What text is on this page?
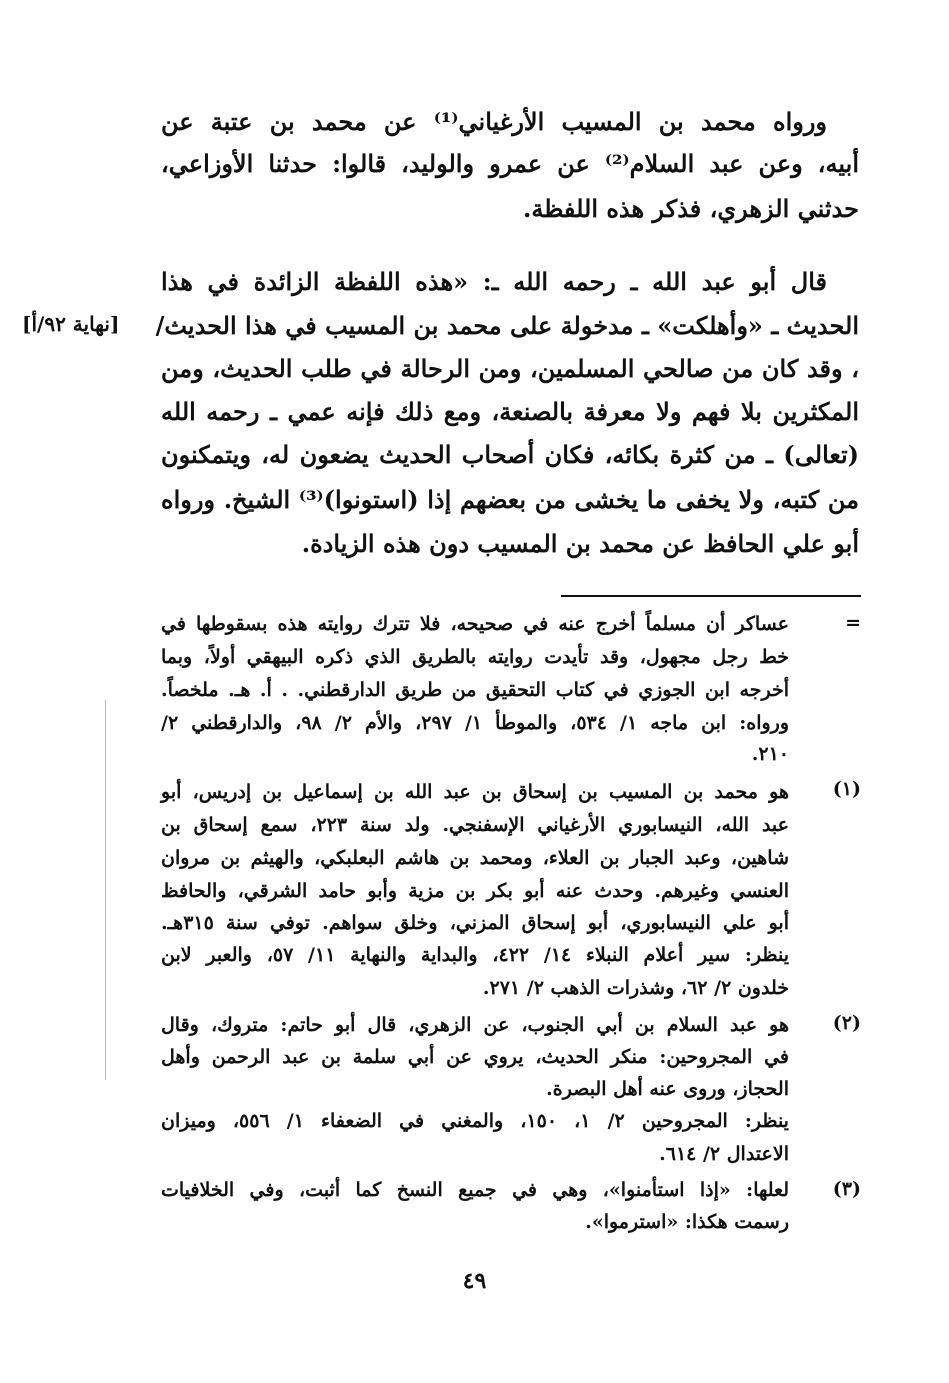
ورواه محمد بن المسيب الأرغياني⁽¹⁾ عن محمد بن عتبة عن
أبيه، وعن عبد السلام⁽²⁾ عن عمرو والوليد، قالوا: حدثنا الأوزاعي،
حدثني الزهري، فذكر هذه اللفظة.
قال أبو عبد الله ـ رحمه الله ـ: «هذه اللفظة الزائدة في هذا
الحديث ـ «وأهلكت» ـ مدخولة على محمد بن المسيب في هذا الحديث/
، وقد كان من صالحي المسلمين، ومن الرحالة في طلب الحديث، ومن
المكثرين بلا فهم ولا معرفة بالصنعة، ومع ذلك فإنه عمي ـ رحمه الله
(تعالى) ـ من كثرة بكائه، فكان أصحاب الحديث يضعون له، ويتمكنون
من كتبه، ولا يخفى ما يخشى من بعضهم إذا (استونوا)⁽³⁾ الشيخ. ورواه
أبو علي الحافظ عن محمد بن المسيب دون هذه الزيادة.
[نهاية ٩٢/أ]
=
عساكر أن مسلماً أخرج عنه في صحيحه، فلا تترك روايته هذه بسقوطها في
خط رجل مجهول، وقد تأيدت روايته بالطريق الذي ذكره البيهقي أولاً، وبما
أخرجه ابن الجوزي في كتاب التحقيق من طريق الدارقطني. . أ. هـ. ملخصاً.
ورواه: ابن ماجه ١/ ٥٣٤، والموطأ ١/ ٢٩٧، والأم ٢/ ٩٨، والدارقطني ٢/
٢١٠.
(١)
هو محمد بن المسيب بن إسحاق بن عبد الله بن إسماعيل بن إدريس، أبو
عبد الله، النيسابوري الأرغياني الإسفنجي. ولد سنة ٢٢٣، سمع إسحاق بن
شاهين، وعبد الجبار بن العلاء، ومحمد بن هاشم البعلبكي، والهيثم بن مروان
العنسي وغيرهم. وحدث عنه أبو بكر بن مزية وأبو حامد الشرقي، والحافظ
أبو علي النيسابوري، أبو إسحاق المزني، وخلق سواهم. توفي سنة ٣١٥هـ.
ينظر: سير أعلام النبلاء ١٤/ ٤٢٢، والبداية والنهاية ١١/ ٥٧، والعبر لابن
خلدون ٢/ ٦٢، وشذرات الذهب ٢/ ٢٧١.
(٢)
هو عبد السلام بن أبي الجنوب، عن الزهري، قال أبو حاتم: متروك، وقال
في المجروحين: منكر الحديث، يروي عن أبي سلمة بن عبد الرحمن وأهل
الحجاز، وروى عنه أهل البصرة.
ينظر: المجروحين ٢/ ١، ١٥٠، والمغني في الضعفاء ١/ ٥٥٦، وميزان
الاعتدال ٢/ ٦١٤.
(٣)
لعلها: «إذا استأمنوا»، وهي في جميع النسخ كما أثبت، وفي الخلافيات
رسمت هكذا: «استرموا».
٤٩
